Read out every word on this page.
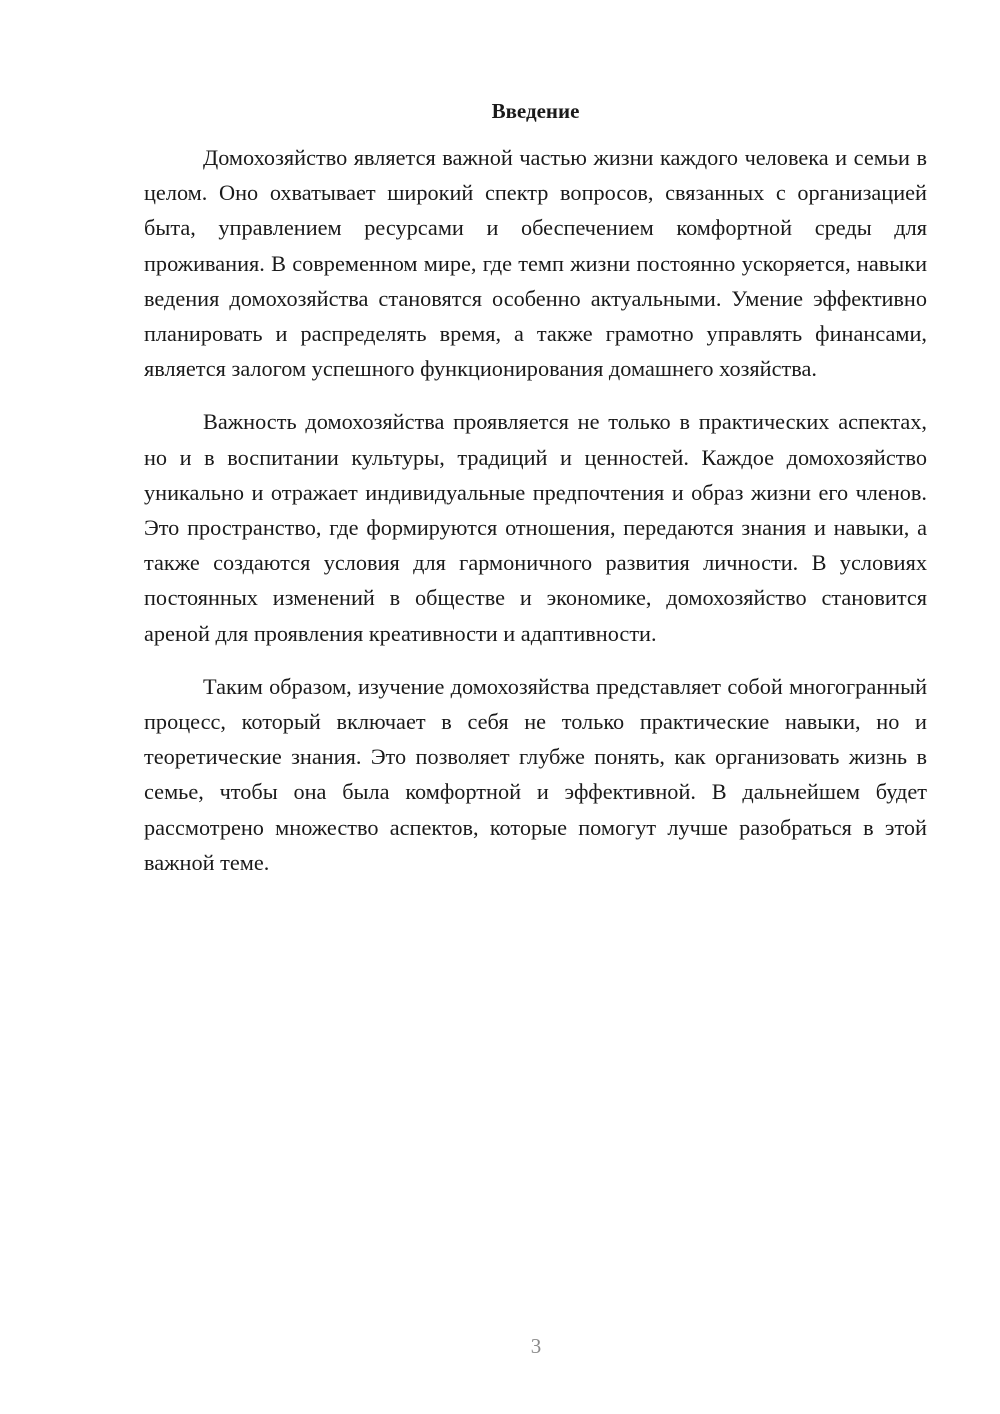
Введение

Домохозяйство является важной частью жизни каждого человека и семьи в целом. Оно охватывает широкий спектр вопросов, связанных с организацией быта, управлением ресурсами и обеспечением комфортной среды для проживания. В современном мире, где темп жизни постоянно ускоряется, навыки ведения домохозяйства становятся особенно актуальными. Умение эффективно планировать и распределять время, а также грамотно управлять финансами, является залогом успешного функционирования домашнего хозяйства.

Важность домохозяйства проявляется не только в практических аспектах, но и в воспитании культуры, традиций и ценностей. Каждое домохозяйство уникально и отражает индивидуальные предпочтения и образ жизни его членов. Это пространство, где формируются отношения, передаются знания и навыки, а также создаются условия для гармоничного развития личности. В условиях постоянных изменений в обществе и экономике, домохозяйство становится ареной для проявления креативности и адаптивности.

Таким образом, изучение домохозяйства представляет собой многогранный процесс, который включает в себя не только практические навыки, но и теоретические знания. Это позволяет глубже понять, как организовать жизнь в семье, чтобы она была комфортной и эффективной. В дальнейшем будет рассмотрено множество аспектов, которые помогут лучше разобраться в этой важной теме.

3
